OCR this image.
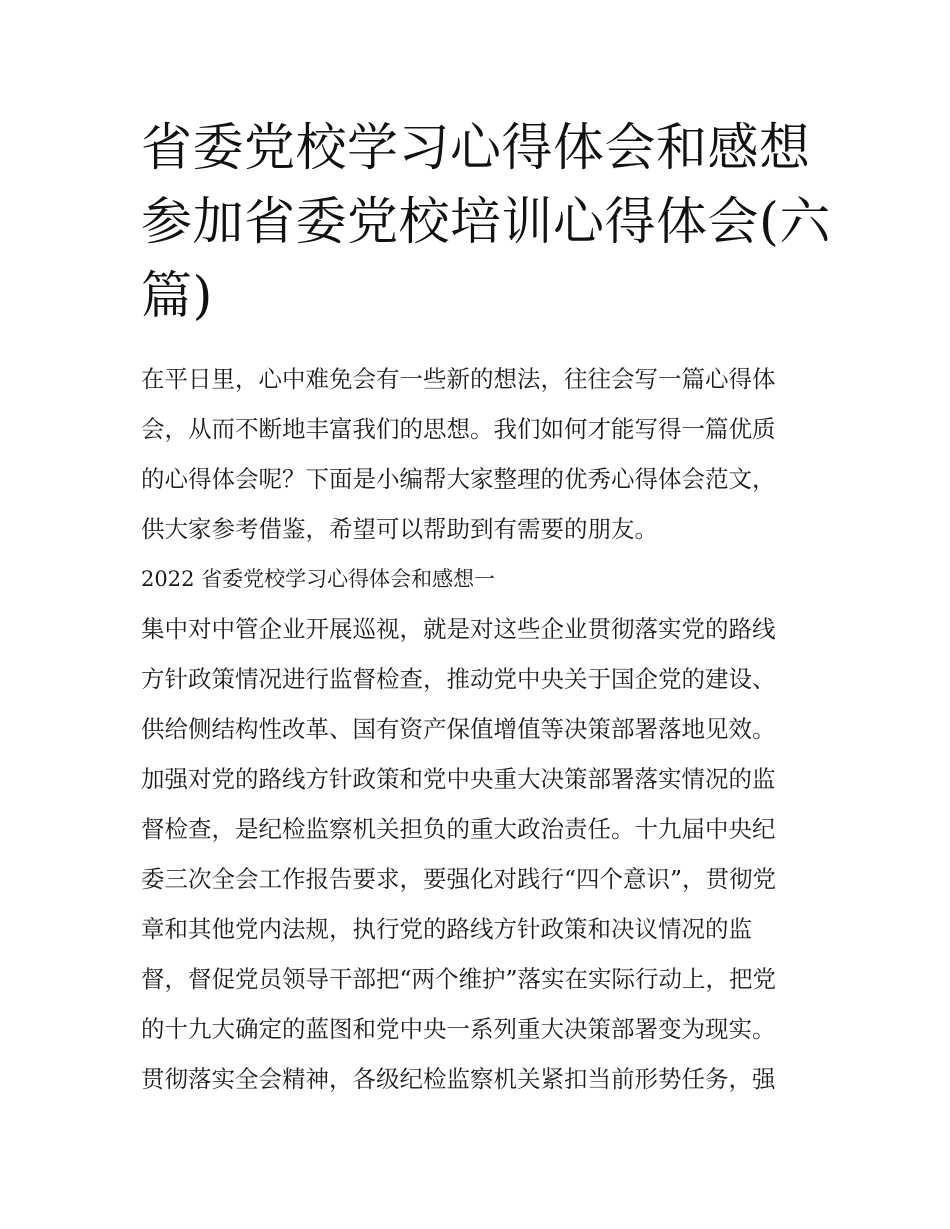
省委党校学习心得体会和感想
参加省委党校培训心得体会(六
篇)
在平日里，心中难免会有一些新的想法，往往会写一篇心得体
会，从而不断地丰富我们的思想。我们如何才能写得一篇优质
的心得体会呢？下面是小编帮大家整理的优秀心得体会范文，
供大家参考借鉴，希望可以帮助到有需要的朋友。
2022 省委党校学习心得体会和感想一
集中对中管企业开展巡视，就是对这些企业贯彻落实党的路线
方针政策情况进行监督检查，推动党中央关于国企党的建设、
供给侧结构性改革、国有资产保值增值等决策部署落地见效。
加强对党的路线方针政策和党中央重大决策部署落实情况的监
督检查，是纪检监察机关担负的重大政治责任。十九届中央纪
委三次全会工作报告要求，要强化对践行“四个意识”，贯彻党
章和其他党内法规，执行党的路线方针政策和决议情况的监
督，督促党员领导干部把“两个维护”落实在实际行动上，把党
的十九大确定的蓝图和党中央一系列重大决策部署变为现实。
贯彻落实全会精神，各级纪检监察机关紧扣当前形势任务，强
